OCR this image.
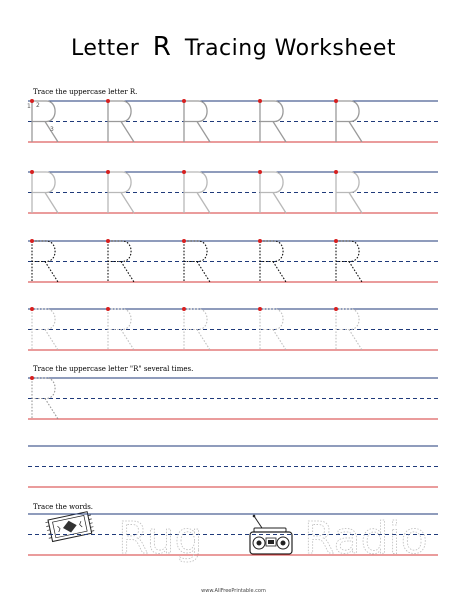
Letter R Tracing Worksheet
Trace the uppercase letter R.
Trace the uppercase letter "R" several times.
Trace the words.
Rug Radio
1 2
3
www.AllFreePrintable.com
